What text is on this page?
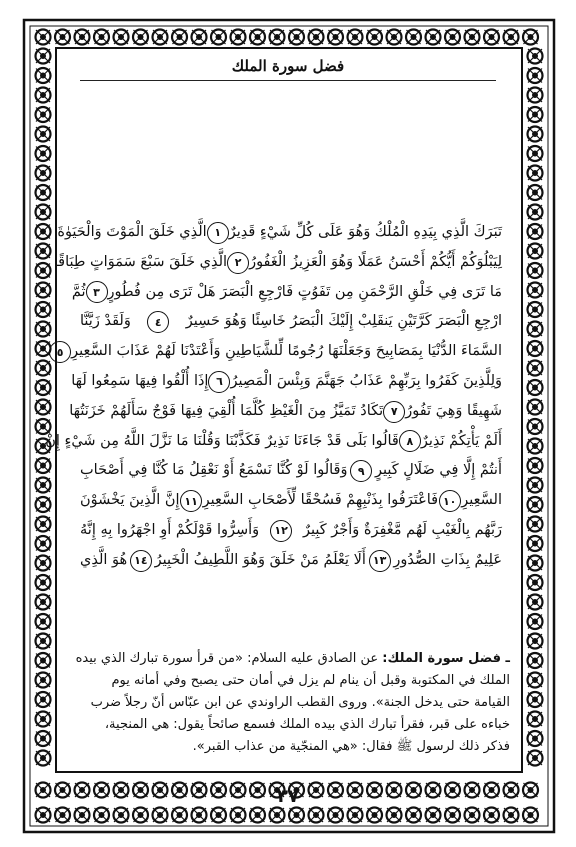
فضل سورة الملك
تَبَرَكَ الَّذِي بِيَدِهِ الْمُلْكُ وَهُوَ عَلَى كُلِّ شَيْءٍ قَدِيرٌ
١
الَّذِي خَلَقَ الْمَوْتَ وَالْحَيَوٰةَ
لِيَبْلُوَكُمْ أَيُّكُمْ أَحْسَنُ عَمَلًا وَهُوَ الْعَزِيزُ الْغَفُورُ
٢
الَّذِي خَلَقَ سَبْعَ سَمَوَاتٍ طِبَاقًا
مَا تَرَى فِي خَلْقِ الرَّحْمَنِ مِن تَفَوُتٍ فَارْجِعِ الْبَصَرَ هَلْ تَرَى مِن فُطُورٍ
٣
ثُمَّ
ارْجِعِ الْبَصَرَ كَرَّتَيْنِ يَنقَلِبْ إِلَيْكَ الْبَصَرُ خَاسِئًا وَهُوَ حَسِيرٌ
٤
وَلَقَدْ زَيَّنَّا
السَّمَاءَ الدُّنْيَا بِمَصَابِيحَ وَجَعَلْنَهَا رُجُومًا لِّلشَّيَاطِينِ وَأَعْتَدْنَا لَهُمْ عَذَابَ السَّعِيرِ
٥
وَلِلَّذِينَ كَفَرُوا بِرَبِّهِمْ عَذَابُ جَهَنَّمَ وَبِئْسَ الْمَصِيرُ
٦
إِذَا أُلْقُوا فِيهَا سَمِعُوا لَهَا
شَهِيقًا وَهِيَ تَفُورُ
٧
تَكَادُ تَمَيَّزُ مِنَ الْغَيْظِ كُلَّمَا أُلْقِيَ فِيهَا فَوْجٌ سَأَلَهُمْ خَزَنَتُهَا
أَلَمْ يَأْتِكُمْ نَذِيرٌ
٨
قَالُوا بَلَى قَدْ جَاءَنَا نَذِيرٌ فَكَذَّبْنَا وَقُلْنَا مَا نَزَّلَ اللَّهُ مِن شَيْءٍ إِنْ
أَنتُمْ إِلَّا فِي ضَلَالٍ كَبِيرٍ
٩
وَقَالُوا لَوْ كُنَّا نَسْمَعُ أَوْ نَعْقِلُ مَا كُنَّا فِي أَصْحَابِ
السَّعِيرِ
١٠
فَاعْتَرَفُوا بِذَنْبِهِمْ فَسُحْقًا لِّأَصْحَابِ السَّعِيرِ
١١
إِنَّ الَّذِينَ يَخْشَوْنَ
رَبَّهُم بِالْغَيْبِ لَهُم مَّغْفِرَةٌ وَأَجْرٌ كَبِيرٌ
١٢
وَأَسِرُّوا قَوْلَكُمْ أَوِ اجْهَرُوا بِهِ إِنَّهُ
عَلِيمٌ بِذَاتِ الصُّدُورِ
١٣
أَلَا يَعْلَمُ مَنْ خَلَقَ وَهُوَ اللَّطِيفُ الْخَبِيرُ
١٤
هُوَ الَّذِي
ـ فضل سورة الملك: عن الصادق عليه السلام: «من قرأ سورة تبارك الذي بيده
الملك في المكتوبة وقبل أن ينام لم يزل في أمان حتى يصبح وفي أمانه يوم
القيامة حتى يدخل الجنة». وروى القطب الراوندي عن ابن عبّاس أنّ رجلاً ضرب
خباءه على قبر، فقرأ تبارك الذي بيده الملك فسمع صائحاً يقول: هي المنجية،
فذكر ذلك لرسول ﷺ فقال: «هي المنجّية من عذاب القبر».
٣٧
